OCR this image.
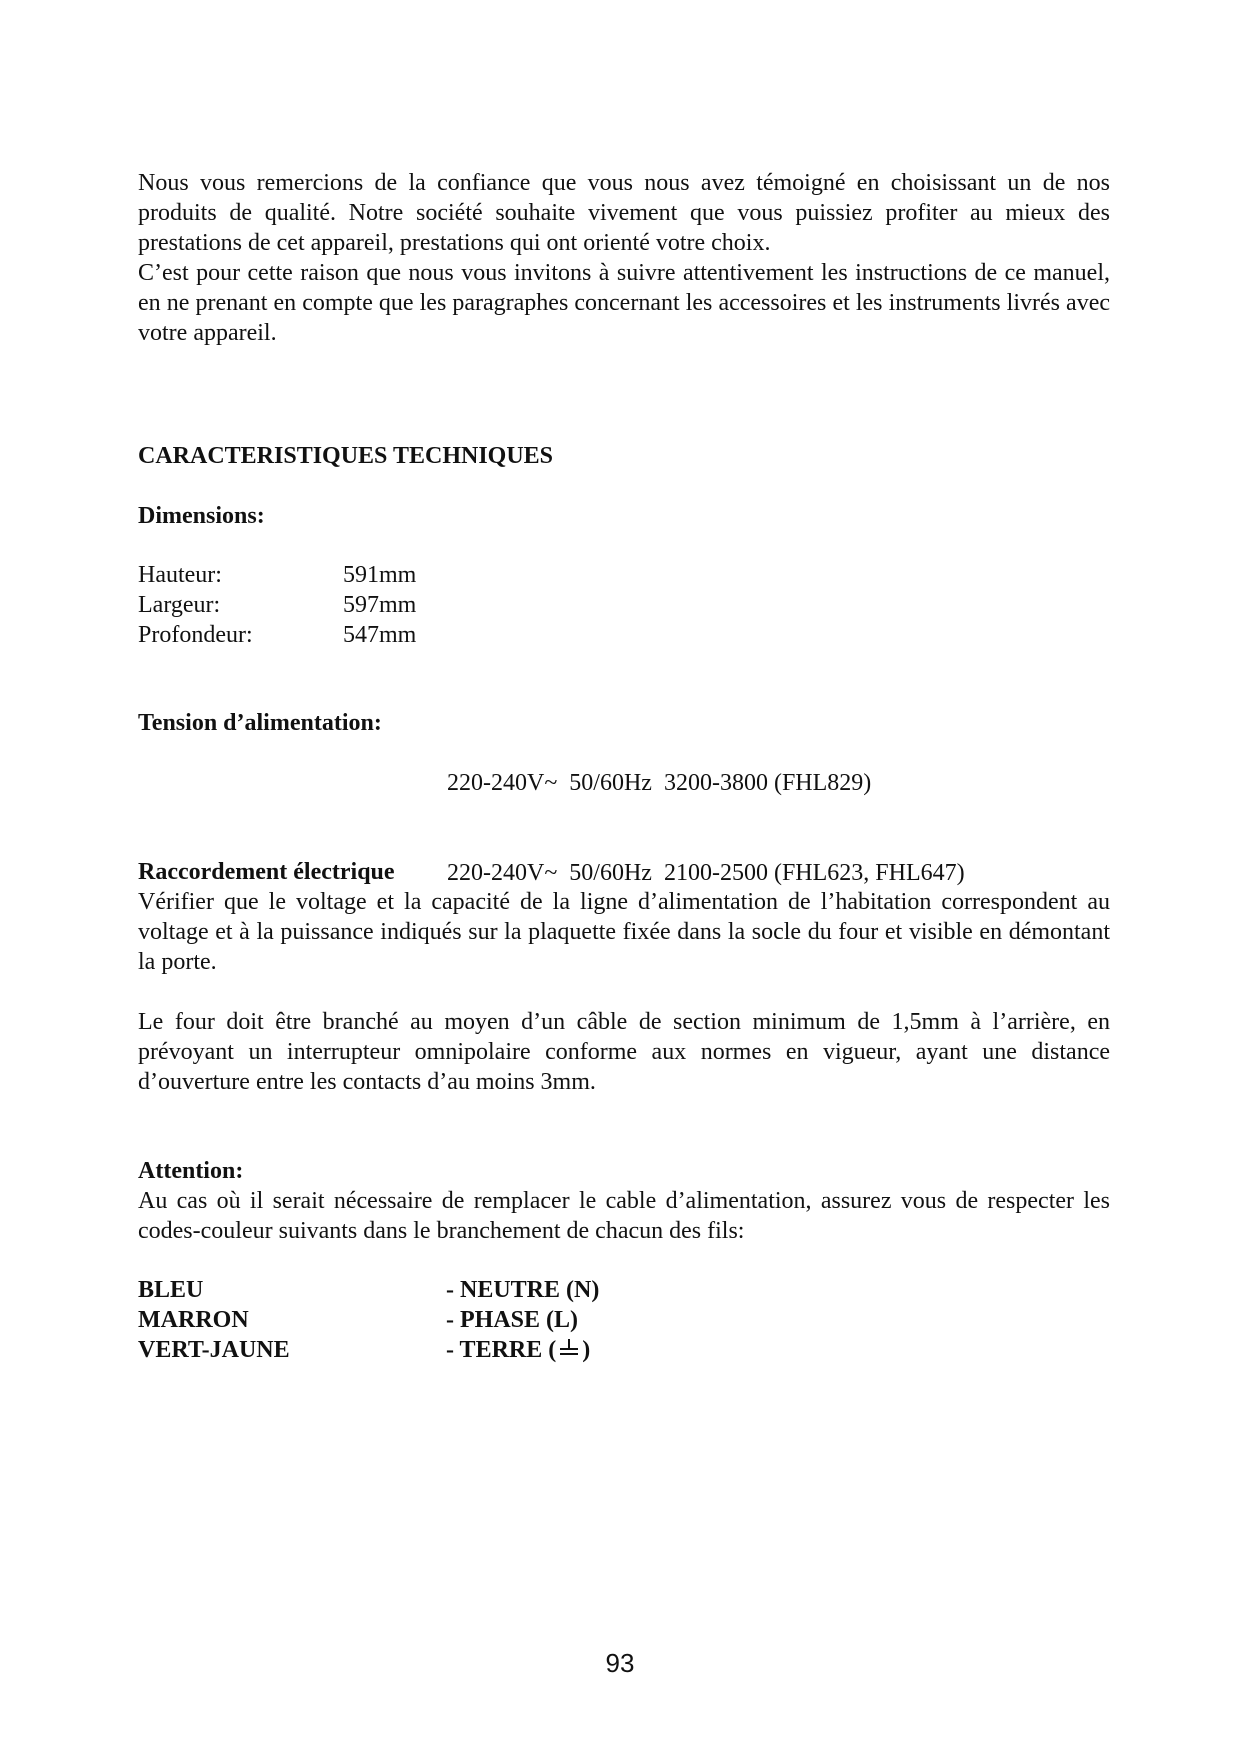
Nous vous remercions de la confiance que vous nous avez témoigné en choisissant un de nos produits de qualité. Notre société souhaite vivement que vous puissiez profiter au mieux des prestations de cet appareil, prestations qui ont orienté votre choix.
C’est pour cette raison que nous vous invitons à suivre attentivement les instructions de ce manuel, en ne prenant en compte que les paragraphes concernant les accessoires et les instruments livrés avec votre appareil.
CARACTERISTIQUES TECHNIQUES
Dimensions:
Hauteur:	591mm
Largeur:	597mm
Profondeur:	547mm
Tension d’alimentation:

220-240V~  50/60Hz  3200-3800 (FHL829)

220-240V~  50/60Hz  2100-2500 (FHL623, FHL647)

Raccordement électrique
Vérifier que le voltage et la capacité de la ligne d’alimentation de l’habitation correspondent au voltage et à la puissance indiqués sur la plaquette fixée dans la socle du four et visible en démontant la porte.
Le four doit être branché au moyen d’un câble de section minimum de 1,5mm à l’arrière, en prévoyant un interrupteur omnipolaire conforme aux normes en vigueur, ayant une distance d’ouverture entre les contacts d’au moins 3mm.
Attention:
Au cas où il serait nécessaire de remplacer le cable d’alimentation, assurez vous de respecter les codes-couleur suivants dans le branchement de chacun des fils:
BLEU	- NEUTRE (N)
MARRON	- PHASE (L)
VERT-JAUNE	- TERRE ( )
93
